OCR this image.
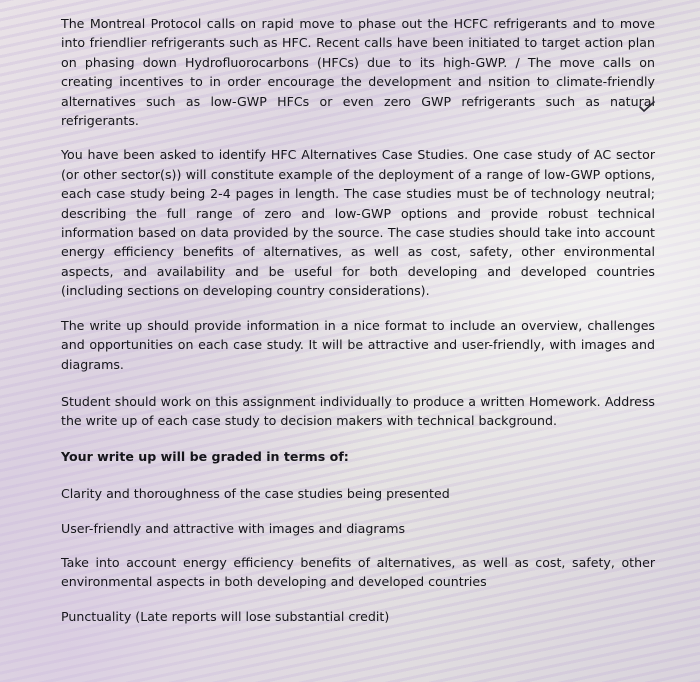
The Montreal Protocol calls on rapid move to phase out the HCFC refrigerants and to move into friendlier refrigerants such as HFC. Recent calls have been initiated to target action plan on phasing down Hydrofluorocarbons (HFCs) due to its high-GWP. / The move calls on creating incentives to in order encourage the development and nsition to climate-friendly alternatives such as low-GWP HFCs or even zero GWP refrigerants such as natural refrigerants.

You have been asked to identify HFC Alternatives Case Studies. One case study of AC sector (or other sector(s)) will constitute example of the deployment of a range of low-GWP options, each case study being 2-4 pages in length. The case studies must be of technology neutral; describing the full range of zero and low-GWP options and provide robust technical information based on data provided by the source. The case studies should take into account energy efficiency benefits of alternatives, as well as cost, safety, other environmental aspects, and availability and be useful for both developing and developed countries (including sections on developing country considerations).

The write up should provide information in a nice format to include an overview, challenges and opportunities on each case study. It will be attractive and user-friendly, with images and diagrams.

Student should work on this assignment individually to produce a written Homework. Address the write up of each case study to decision makers with technical background.

Your write up will be graded in terms of:

Clarity and thoroughness of the case studies being presented

User-friendly and attractive with images and diagrams

Take into account energy efficiency benefits of alternatives, as well as cost, safety, other environmental aspects in both developing and developed countries

Punctuality (Late reports will lose substantial credit)
